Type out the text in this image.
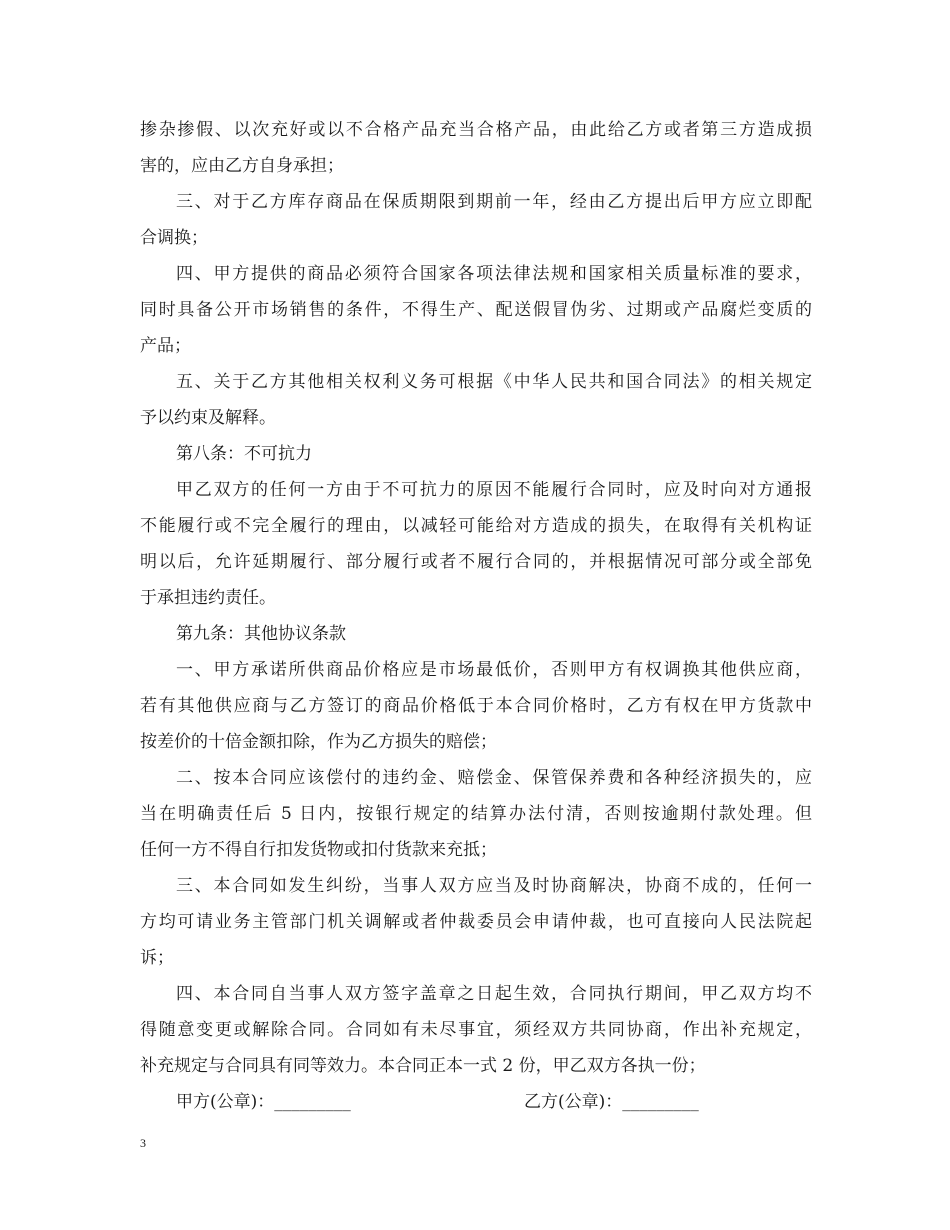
掺杂掺假、以次充好或以不合格产品充当合格产品，由此给乙方或者第三方造成损
害的，应由乙方自身承担；
三、对于乙方库存商品在保质期限到期前一年，经由乙方提出后甲方应立即配
合调换；
四、甲方提供的商品必须符合国家各项法律法规和国家相关质量标准的要求，
同时具备公开市场销售的条件，不得生产、配送假冒伪劣、过期或产品腐烂变质的
产品；
五、关于乙方其他相关权利义务可根据《中华人民共和国合同法》的相关规定
予以约束及解释。
第八条：不可抗力
甲乙双方的任何一方由于不可抗力的原因不能履行合同时，应及时向对方通报
不能履行或不完全履行的理由，以减轻可能给对方造成的损失，在取得有关机构证
明以后，允许延期履行、部分履行或者不履行合同的，并根据情况可部分或全部免
于承担违约责任。
第九条：其他协议条款
一、甲方承诺所供商品价格应是市场最低价，否则甲方有权调换其他供应商，
若有其他供应商与乙方签订的商品价格低于本合同价格时，乙方有权在甲方货款中
按差价的十倍金额扣除，作为乙方损失的赔偿；
二、按本合同应该偿付的违约金、赔偿金、保管保养费和各种经济损失的，应
当在明确责任后 5 日内，按银行规定的结算办法付清，否则按逾期付款处理。但
任何一方不得自行扣发货物或扣付货款来充抵；
三、本合同如发生纠纷，当事人双方应当及时协商解决，协商不成的，任何一
方均可请业务主管部门机关调解或者仲裁委员会申请仲裁，也可直接向人民法院起
诉；
四、本合同自当事人双方签字盖章之日起生效，合同执行期间，甲乙双方均不
得随意变更或解除合同。合同如有未尽事宜，须经双方共同协商，作出补充规定，
补充规定与合同具有同等效力。本合同正本一式 2 份，甲乙双方各执一份；
甲方(公章)：_________	乙方(公章)：_________
3
